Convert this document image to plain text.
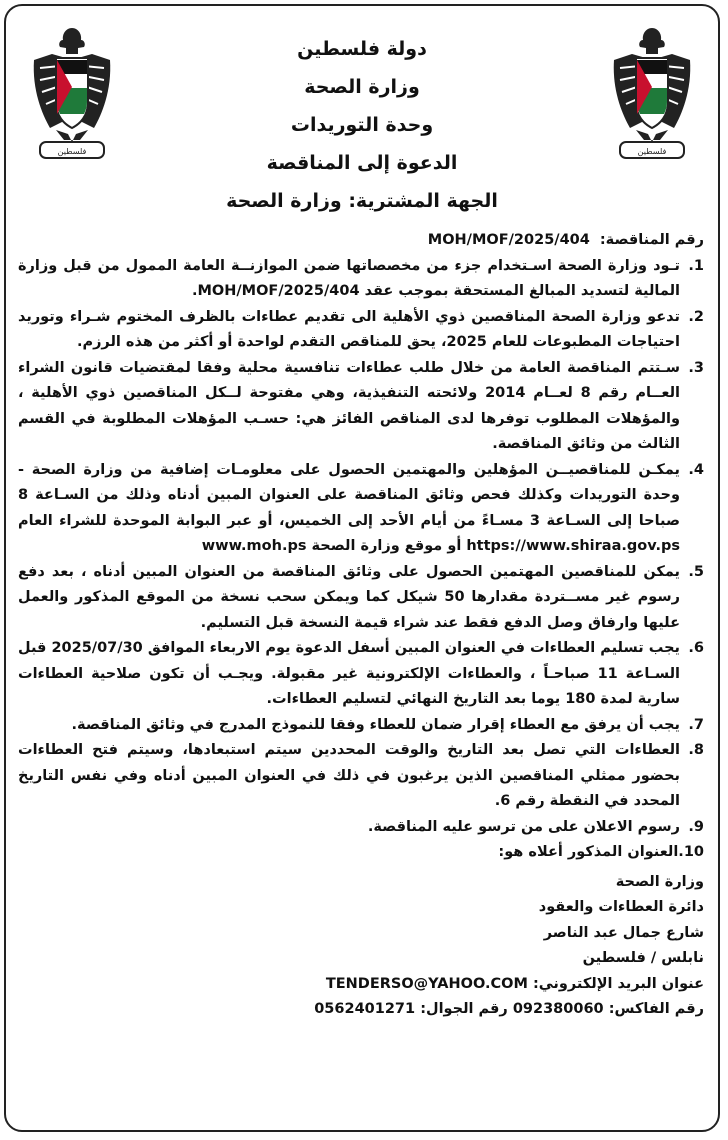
فلسطين	فلسطين
دولة فلسطين
وزارة الصحة
وحدة التوريدات
الدعوة إلى المناقصة
الجهة المشترية: وزارة الصحة
رقم المناقصة:
MOH/MOF/2025/404
1.
تـود وزارة الصحة اسـتخدام جزء من مخصصاتها ضمن الموازنــة العامة الممول من قبل وزارة المالية لتسديد المبالغ المستحقة بموجب عقد MOH/MOF/2025/404.
2.
تدعو وزارة الصحة المناقصين ذوي الأهلية الى تقديم عطاءات بالظرف المختوم شـراء وتوريد احتياجات المطبوعات للعام 2025، يحق للمناقص التقدم لواحدة أو أكثر من هذه الرزم.
3.
سـتتم المناقصة العامة من خلال طلب عطاءات تنافسية محلية وفقا لمقتضيات قانون الشراء العــام رقم 8 لعــام 2014 ولائحته التنفيذية، وهي مفتوحة لــكل المناقصين ذوي الأهلية ، والمؤهلات المطلوب توفرها لدى المناقص الفائز هي: حسـب المؤهلات المطلوبة في القسم الثالث من وثائق المناقصة.
4.
يمكـن للمناقصيــن المؤهلين والمهتمين الحصول على معلومـات إضافية من وزارة الصحة - وحدة التوريدات وكذلك فحص وثائق المناقصة على العنوان المبين أدناه وذلك من السـاعة 8 صباحا إلى السـاعة 3 مسـاءً من أيام الأحد إلى الخميس، أو عبر البوابة الموحدة للشراء العام https://www.shiraa.gov.ps أو موقع وزارة الصحة www.moh.ps
5.
يمكن للمناقصين المهتمين الحصول على وثائق المناقصة من العنوان المبين أدناه ، بعد دفع رسوم غير مســتردة مقدارها 50 شيكل كما ويمكن سحب نسخة من الموقع المذكور والعمل عليها وارفاق وصل الدفع فقط عند شراء قيمة النسخة قبل التسليم.
6.
يجب تسليم العطاءات في العنوان المبين أسفل الدعوة يوم الاربعاء الموافق 2025/07/30 قبل السـاعة 11 صباحـاً ، والعطاءات الإلكترونية غير مقبولة. ويجـب أن تكون صلاحية العطاءات سارية لمدة 180 يوما بعد التاريخ النهائي لتسليم العطاءات.
7.
يجب أن يرفق مع العطاء إقرار ضمان للعطاء وفقا للنموذج المدرج في وثائق المناقصة.
8.
العطاءات التي تصل بعد التاريخ والوقت المحددين سيتم استبعادها، وسيتم فتح العطاءات بحضور ممثلي المناقصين الذين يرغبون في ذلك في العنوان المبين أدناه وفي نفس التاريخ المحدد في النقطة رقم 6.
9.
رسوم الاعلان على من ترسو عليه المناقصة.
10.
العنوان المذكور أعلاه هو:
وزارة الصحة
دائرة العطاءات والعقود
شارع جمال عبد الناصر
نابلس / فلسطين
عنوان البريد الإلكتروني: TENDERSO@YAHOO.COM
رقم الفاكس: 092380060 رقم الجوال: 0562401271
